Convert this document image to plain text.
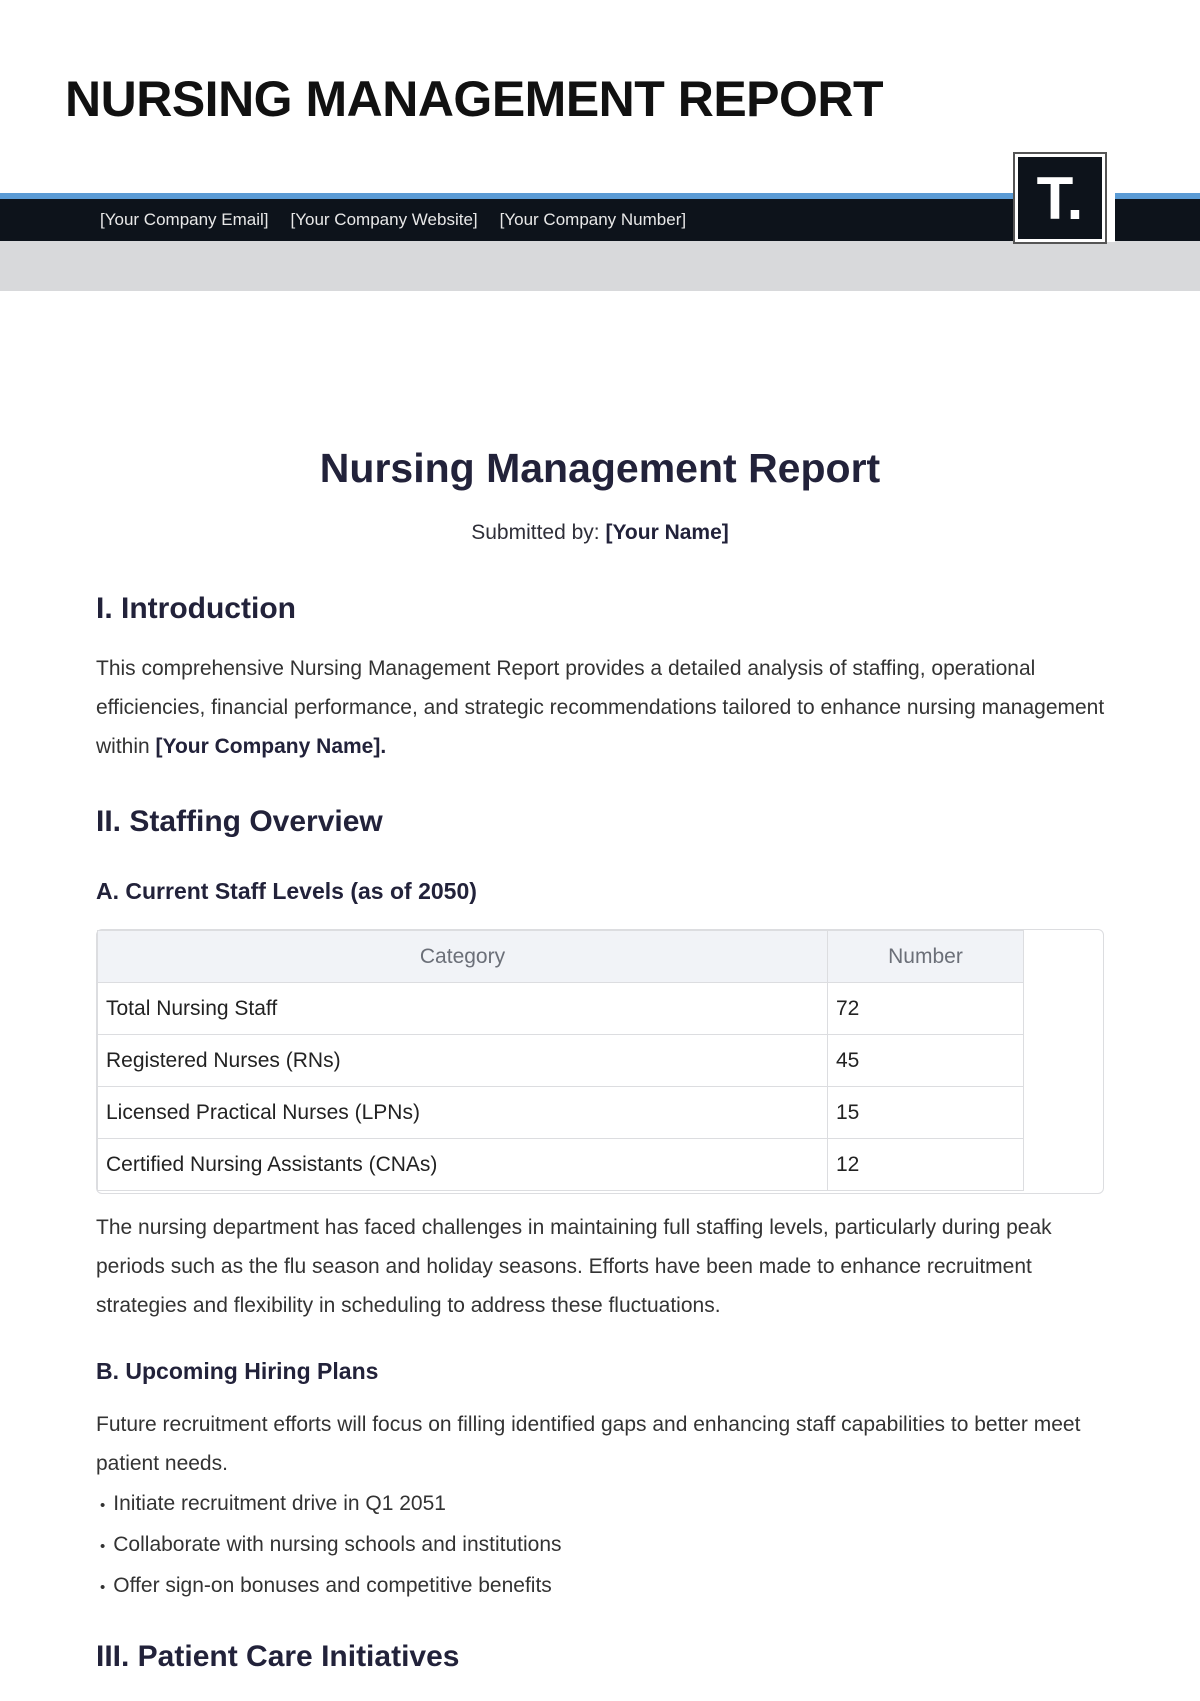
NURSING MANAGEMENT REPORT
[Your Company Email] [Your Company Website] [Your Company Number]	T.
Nursing Management Report
Submitted by: [Your Name]
I. Introduction

This comprehensive Nursing Management Report provides a detailed analysis of staffing, operational efficiencies, financial performance, and strategic recommendations tailored to enhance nursing management within [Your Company Name].

II. Staffing Overview
A. Current Staff Levels (as of 2050)
Category	Number
Total Nursing Staff	72
Registered Nurses (RNs)	45
Licensed Practical Nurses (LPNs)	15
Certified Nursing Assistants (CNAs)	12

The nursing department has faced challenges in maintaining full staffing levels, particularly during peak periods such as the flu season and holiday seasons. Efforts have been made to enhance recruitment strategies and flexibility in scheduling to address these fluctuations.

B. Upcoming Hiring Plans

Future recruitment efforts will focus on filling identified gaps and enhancing staff capabilities to better meet patient needs.

• Initiate recruitment drive in Q1 2051
• Collaborate with nursing schools and institutions
• Offer sign-on bonuses and competitive benefits
III. Patient Care Initiatives
